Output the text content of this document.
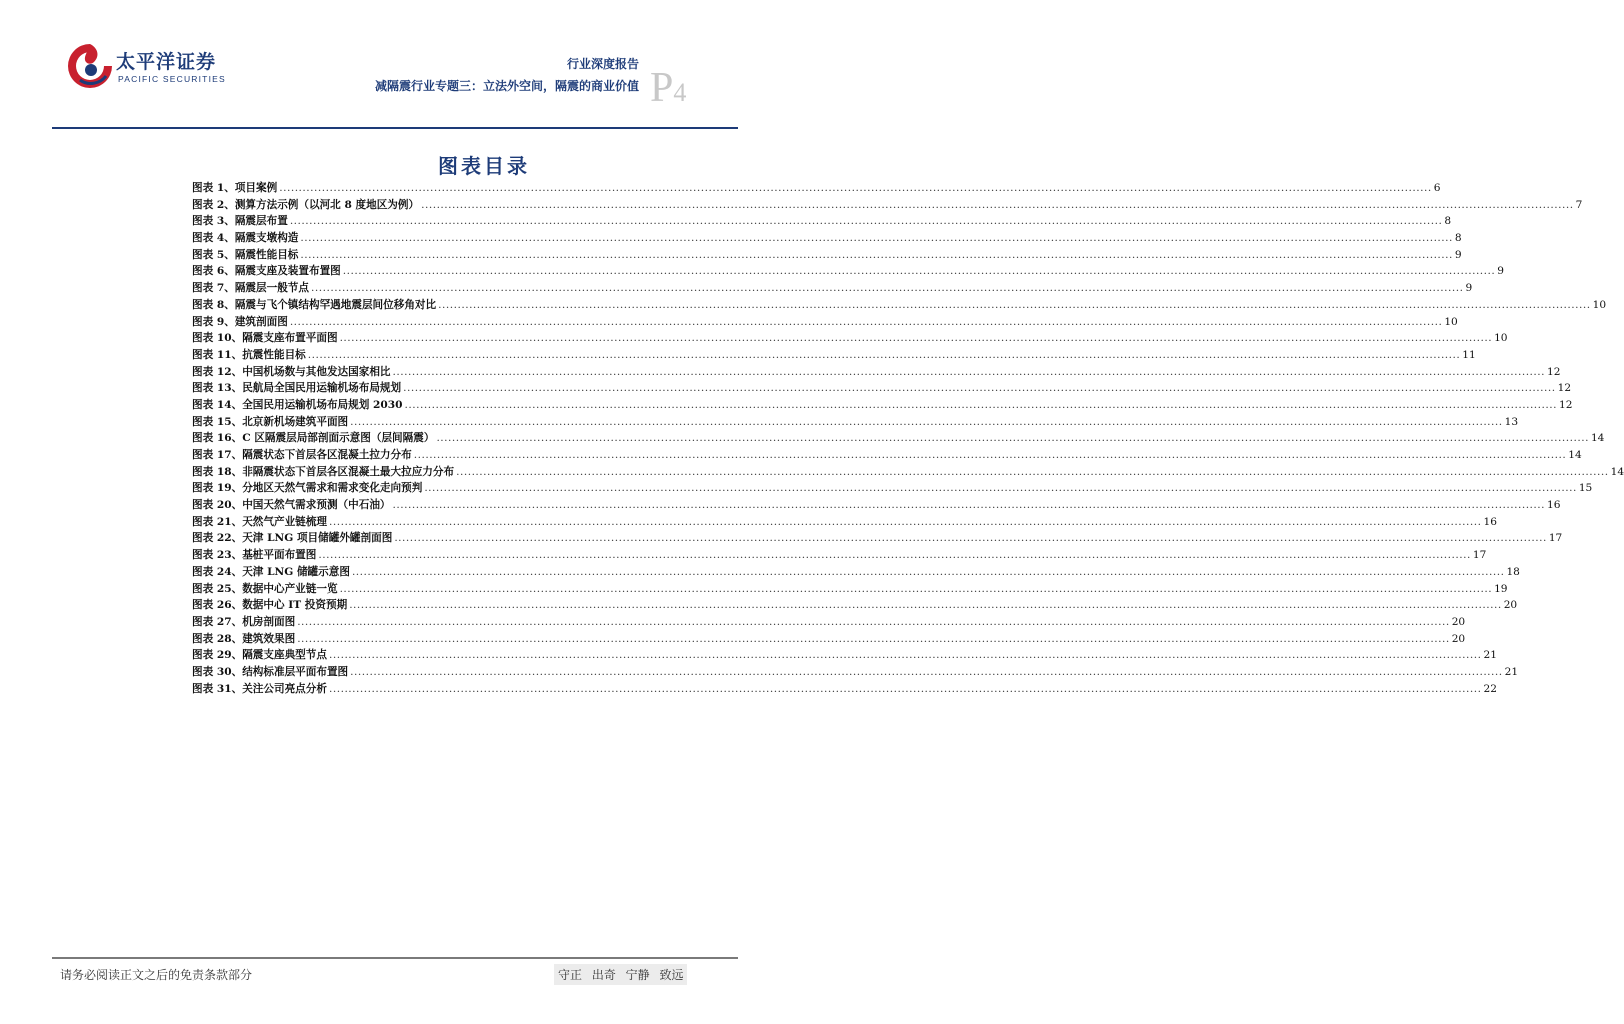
太平洋证券
PACIFIC SECURITIES
行业深度报告
减隔震行业专题三：立法外空间，隔震的商业价值 P4
图表目录
图表 1、项目案例 .......................................................................................................................................................................................................................................................................................................... 6
图表 2、测算方法示例（以河北 8 度地区为例） .......................................................................................................................................................................................................................................................................................................... 7
图表 3、隔震层布置 .......................................................................................................................................................................................................................................................................................................... 8
图表 4、隔震支墩构造 .......................................................................................................................................................................................................................................................................................................... 8
图表 5、隔震性能目标 .......................................................................................................................................................................................................................................................................................................... 9
图表 6、隔震支座及装置布置图 .......................................................................................................................................................................................................................................................................................................... 9
图表 7、隔震层一般节点 .......................................................................................................................................................................................................................................................................................................... 9
图表 8、隔震与飞个镇结构罕遇地震层间位移角对比 .......................................................................................................................................................................................................................................................................................................... 10
图表 9、建筑剖面图 .......................................................................................................................................................................................................................................................................................................... 10
图表 10、隔震支座布置平面图 .......................................................................................................................................................................................................................................................................................................... 10
图表 11、抗震性能目标 .......................................................................................................................................................................................................................................................................................................... 11
图表 12、中国机场数与其他发达国家相比 .......................................................................................................................................................................................................................................................................................................... 12
图表 13、民航局全国民用运输机场布局规划 .......................................................................................................................................................................................................................................................................................................... 12
图表 14、全国民用运输机场布局规划 2030 .......................................................................................................................................................................................................................................................................................................... 12
图表 15、北京新机场建筑平面图 .......................................................................................................................................................................................................................................................................................................... 13
图表 16、C 区隔震层局部剖面示意图（层间隔震） .......................................................................................................................................................................................................................................................................................................... 14
图表 17、隔震状态下首层各区混凝土拉力分布 .......................................................................................................................................................................................................................................................................................................... 14
图表 18、非隔震状态下首层各区混凝土最大拉应力分布 .......................................................................................................................................................................................................................................................................................................... 14
图表 19、分地区天然气需求和需求变化走向预判 .......................................................................................................................................................................................................................................................................................................... 15
图表 20、中国天然气需求预测（中石油） .......................................................................................................................................................................................................................................................................................................... 16
图表 21、天然气产业链梳理 .......................................................................................................................................................................................................................................................................................................... 16
图表 22、天津 LNG 项目储罐外罐剖面图 .......................................................................................................................................................................................................................................................................................................... 17
图表 23、基桩平面布置图 .......................................................................................................................................................................................................................................................................................................... 17
图表 24、天津 LNG 储罐示意图 .......................................................................................................................................................................................................................................................................................................... 18
图表 25、数据中心产业链一览 .......................................................................................................................................................................................................................................................................................................... 19
图表 26、数据中心 IT 投资预期 .......................................................................................................................................................................................................................................................................................................... 20
图表 27、机房剖面图 .......................................................................................................................................................................................................................................................................................................... 20
图表 28、建筑效果图 .......................................................................................................................................................................................................................................................................................................... 20
图表 29、隔震支座典型节点 .......................................................................................................................................................................................................................................................................................................... 21
图表 30、结构标准层平面布置图 .......................................................................................................................................................................................................................................................................................................... 21
图表 31、关注公司亮点分析 .......................................................................................................................................................................................................................................................................................................... 22
请务必阅读正文之后的免责条款部分	守正 出奇 宁静 致远
